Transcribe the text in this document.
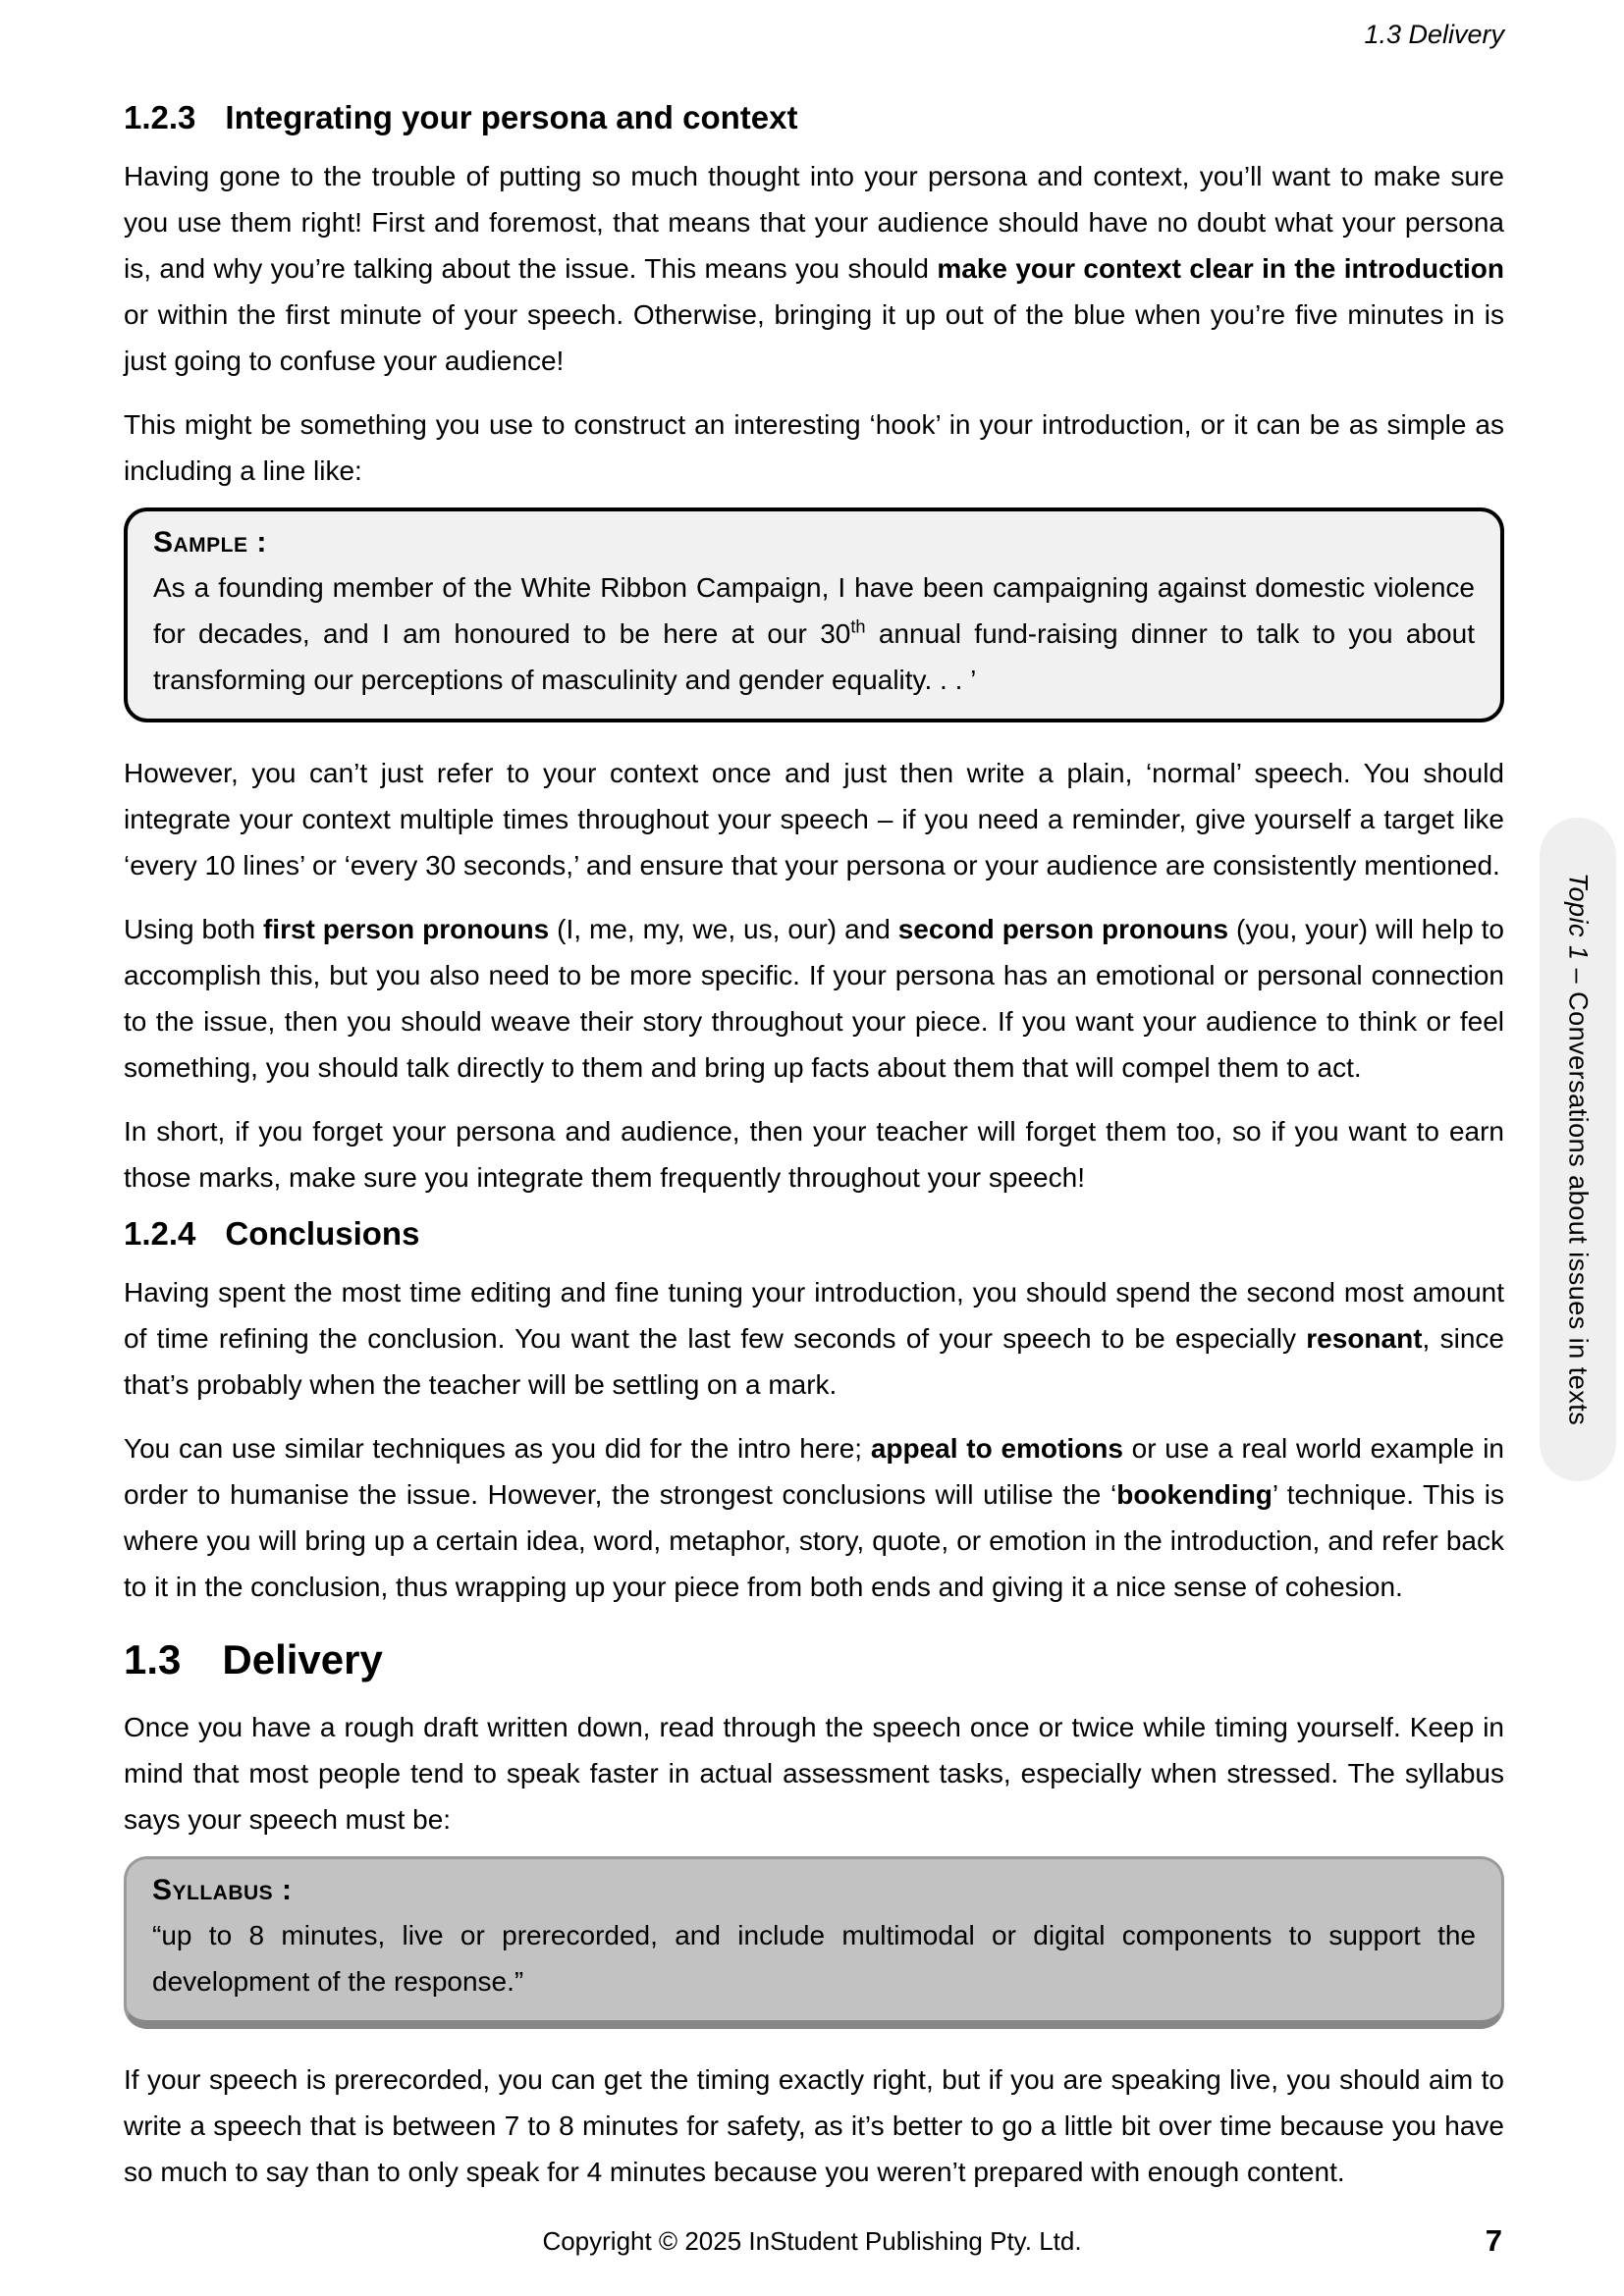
1.3 Delivery
1.2.3 Integrating your persona and context

Having gone to the trouble of putting so much thought into your persona and context, you’ll want to make sure you use them right! First and foremost, that means that your audience should have no doubt what your persona is, and why you’re talking about the issue. This means you should make your context clear in the introduction or within the first minute of your speech. Otherwise, bringing it up out of the blue when you’re five minutes in is just going to confuse your audience!

This might be something you use to construct an interesting ‘hook’ in your introduction, or it can be as simple as including a line like:

Sample :

As a founding member of the White Ribbon Campaign, I have been campaigning against domestic violence for decades, and I am honoured to be here at our 30th annual fund-raising dinner to talk to you about transforming our perceptions of masculinity and gender equality. . . ’

However, you can’t just refer to your context once and just then write a plain, ‘normal’ speech. You should integrate your context multiple times throughout your speech – if you need a reminder, give yourself a target like ‘every 10 lines’ or ‘every 30 seconds,’ and ensure that your persona or your audience are consistently mentioned.

Using both first person pronouns (I, me, my, we, us, our) and second person pronouns (you, your) will help to accomplish this, but you also need to be more specific. If your persona has an emotional or personal connection to the issue, then you should weave their story throughout your piece. If you want your audience to think or feel something, you should talk directly to them and bring up facts about them that will compel them to act.

In short, if you forget your persona and audience, then your teacher will forget them too, so if you want to earn those marks, make sure you integrate them frequently throughout your speech!

1.2.4 Conclusions

Having spent the most time editing and fine tuning your introduction, you should spend the second most amount of time refining the conclusion. You want the last few seconds of your speech to be especially resonant, since that’s probably when the teacher will be settling on a mark.

You can use similar techniques as you did for the intro here; appeal to emotions or use a real world example in order to humanise the issue. However, the strongest conclusions will utilise the ‘bookending’ technique. This is where you will bring up a certain idea, word, metaphor, story, quote, or emotion in the introduction, and refer back to it in the conclusion, thus wrapping up your piece from both ends and giving it a nice sense of cohesion.

1.3 Delivery

Once you have a rough draft written down, read through the speech once or twice while timing yourself. Keep in mind that most people tend to speak faster in actual assessment tasks, especially when stressed. The syllabus says your speech must be:

Syllabus :

“up to 8 minutes, live or prerecorded, and include multimodal or digital components to support the development of the response.”

If your speech is prerecorded, you can get the timing exactly right, but if you are speaking live, you should aim to write a speech that is between 7 to 8 minutes for safety, as it’s better to go a little bit over time because you have so much to say than to only speak for 4 minutes because you weren’t prepared with enough content.

Topic 1 – Conversations about issues in texts
Copyright © 2025 InStudent Publishing Pty. Ltd.	7
